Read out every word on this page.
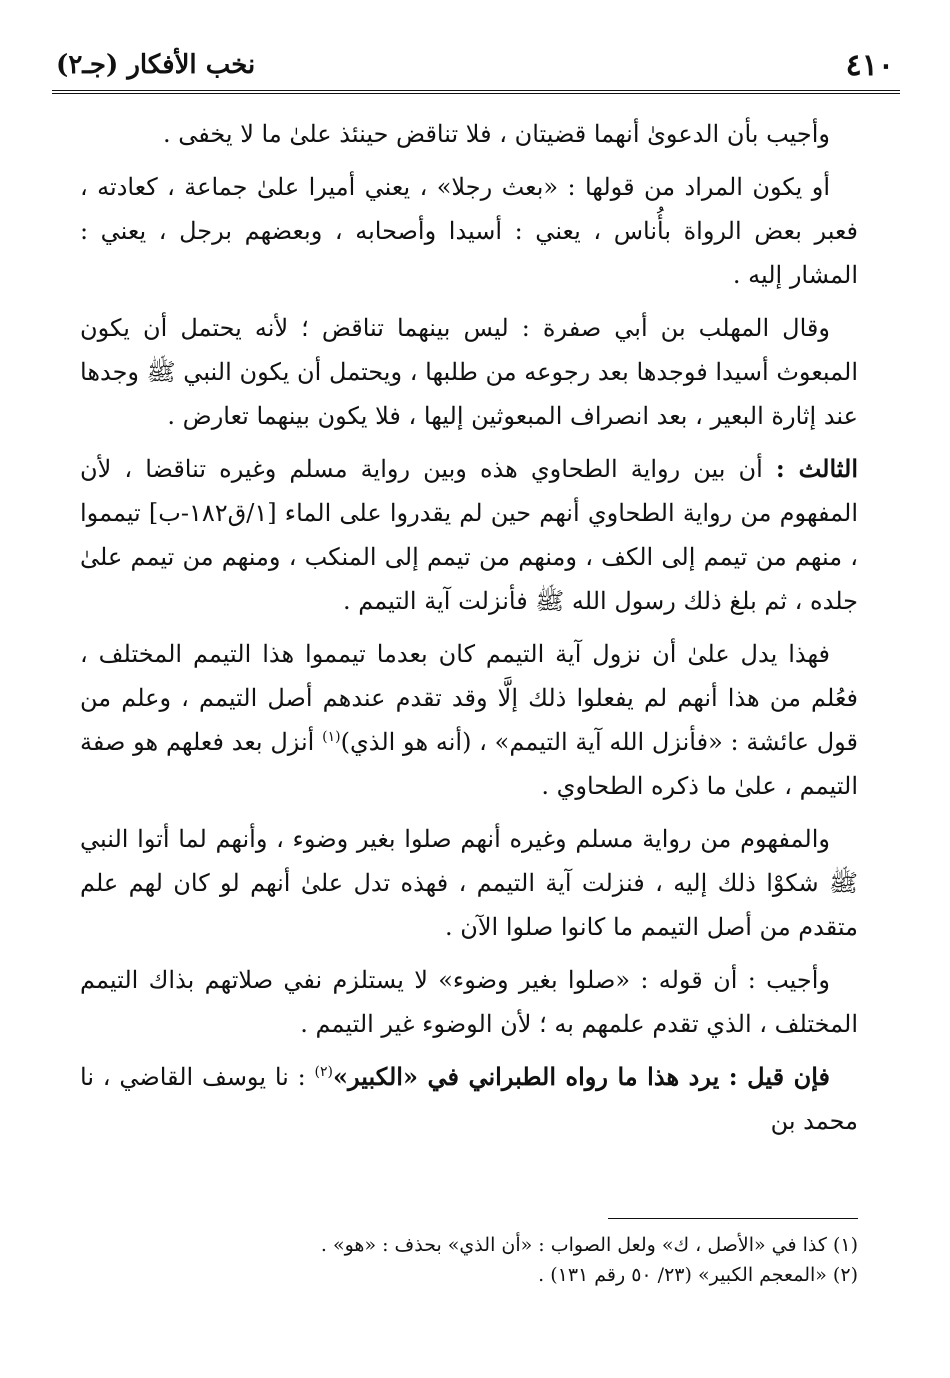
٤١٠
نخب الأفكار (جـ٢)

وأجيب بأن الدعوىٰ أنهما قضيتان ، فلا تناقض حينئذ علىٰ ما لا يخفى .

أو يكون المراد من قولها : «بعث رجلا» ، يعني أميرا علىٰ جماعة ، كعادته ، فعبر بعض الرواة بأُناس ، يعني : أسيدا وأصحابه ، وبعضهم برجل ، يعني : المشار إليه .

وقال المهلب بن أبي صفرة : ليس بينهما تناقض ؛ لأنه يحتمل أن يكون المبعوث أسيدا فوجدها بعد رجوعه من طلبها ، ويحتمل أن يكون النبي ﷺ وجدها عند إثارة البعير ، بعد انصراف المبعوثين إليها ، فلا يكون بينهما تعارض .

الثالث : أن بين رواية الطحاوي هذه وبين رواية مسلم وغيره تناقضا ، لأن المفهوم من رواية الطحاوي أنهم حين لم يقدروا على الماء [١/ق١٨٢-ب] تيمموا ، منهم من تيمم إلى الكف ، ومنهم من تيمم إلى المنكب ، ومنهم من تيمم علىٰ جلده ، ثم بلغ ذلك رسول الله ﷺ فأنزلت آية التيمم .

فهذا يدل علىٰ أن نزول آية التيمم كان بعدما تيمموا هذا التيمم المختلف ، فعُلم من هذا أنهم لم يفعلوا ذلك إلَّا وقد تقدم عندهم أصل التيمم ، وعلم من قول عائشة : «فأنزل الله آية التيمم» ، (أنه هو الذي)$^{(١)}$ أنزل بعد فعلهم هو صفة التيمم ، علىٰ ما ذكره الطحاوي .

والمفهوم من رواية مسلم وغيره أنهم صلوا بغير وضوء ، وأنهم لما أتوا النبي ﷺ شكوْا ذلك إليه ، فنزلت آية التيمم ، فهذه تدل علىٰ أنهم لو كان لهم علم متقدم من أصل التيمم ما كانوا صلوا الآن .

وأجيب : أن قوله : «صلوا بغير وضوء» لا يستلزم نفي صلاتهم بذاك التيمم المختلف ، الذي تقدم علمهم به ؛ لأن الوضوء غير التيمم .

فإن قيل : يرد هذا ما رواه الطبراني في «الكبير»$^{(٢)}$ : نا يوسف القاضي ، نا محمد بن

(١) كذا في «الأصل ، ك» ولعل الصواب : «أن الذي» بحذف : «هو» .
(٢) «المعجم الكبير» (٢٣/ ٥٠ رقم ١٣١) .
